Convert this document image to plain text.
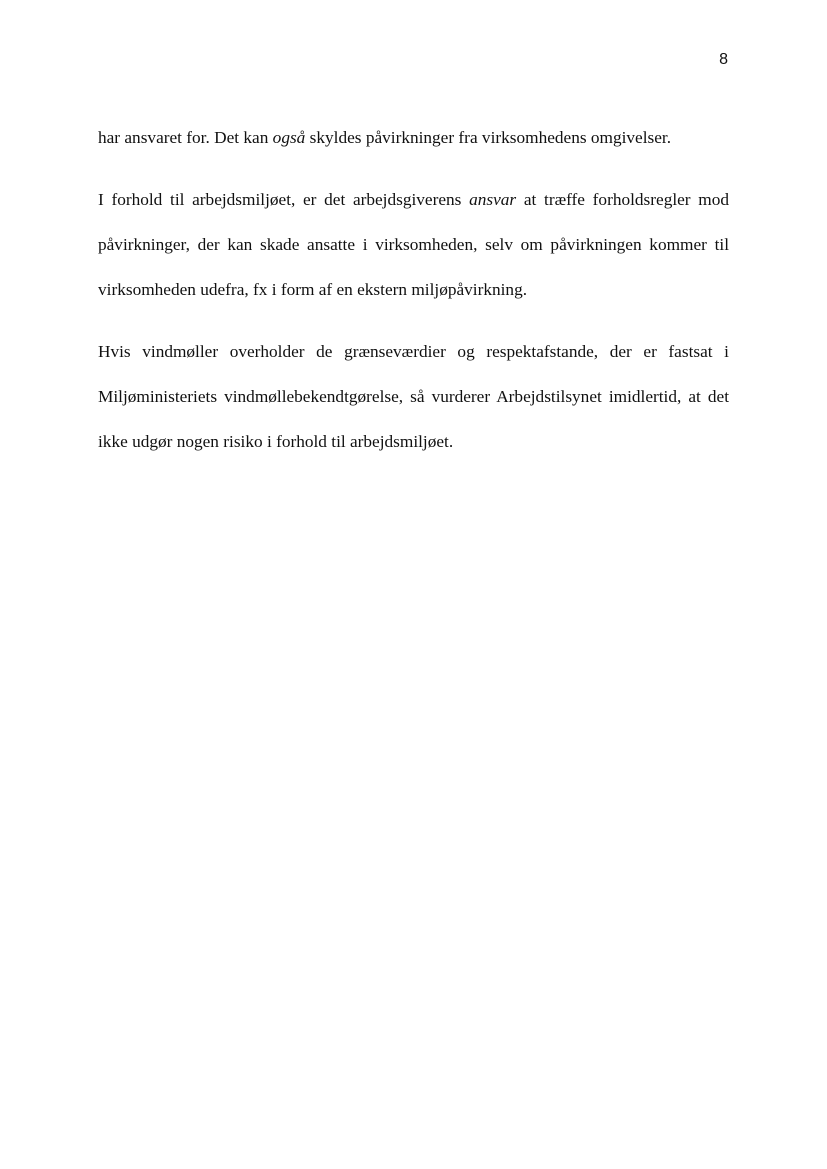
8

har ansvaret for. Det kan også skyldes påvirkninger fra virksomhedens omgivelser.

I forhold til arbejdsmiljøet, er det arbejdsgiverens ansvar at træffe forholdsregler mod påvirkninger, der kan skade ansatte i virksomheden, selv om påvirkningen kommer til virksomheden udefra, fx i form af en ekstern miljøpåvirkning.

Hvis vindmøller overholder de grænseværdier og respektafstande, der er fastsat i Miljøministeriets vindmøllebekendtgørelse, så vurderer Arbejdstilsynet imidlertid, at det ikke udgør nogen risiko i forhold til arbejdsmiljøet.
